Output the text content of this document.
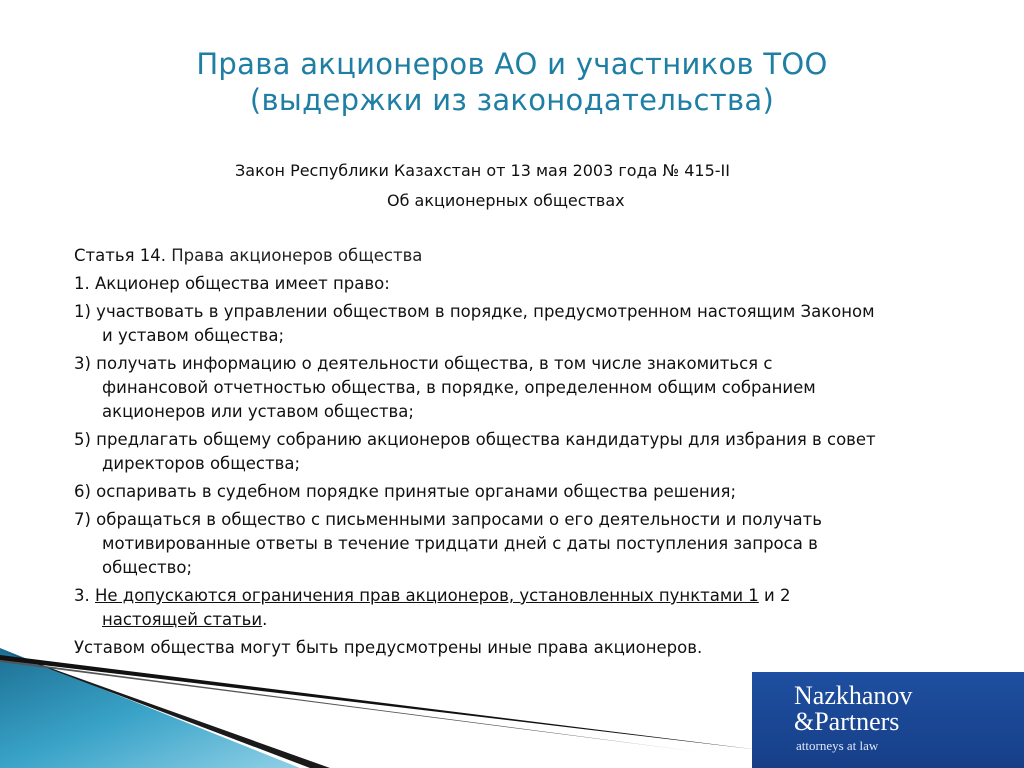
Права акционеров АО и участников ТОО
(выдержки из законодательства)
Закон Республики Казахстан от 13 мая 2003 года № 415-II
Об акционерных обществах
Статья 14. Права акционеров общества
1. Акционер общества имеет право:
1) участвовать в управлении обществом в порядке, предусмотренном настоящим Законом
и уставом общества;
3) получать информацию о деятельности общества, в том числе знакомиться с
финансовой отчетностью общества, в порядке, определенном общим собранием
акционеров или уставом общества;
5) предлагать общему собранию акционеров общества кандидатуры для избрания в совет
директоров общества;
6) оспаривать в судебном порядке принятые органами общества решения;
7) обращаться в общество с письменными запросами о его деятельности и получать
мотивированные ответы в течение тридцати дней с даты поступления запроса в
общество;
3. Не допускаются ограничения прав акционеров, установленных пунктами 1 и 2
настоящей статьи.
Уставом общества могут быть предусмотрены иные права акционеров.
Nazkhanov
&Partners
attorneys at law
